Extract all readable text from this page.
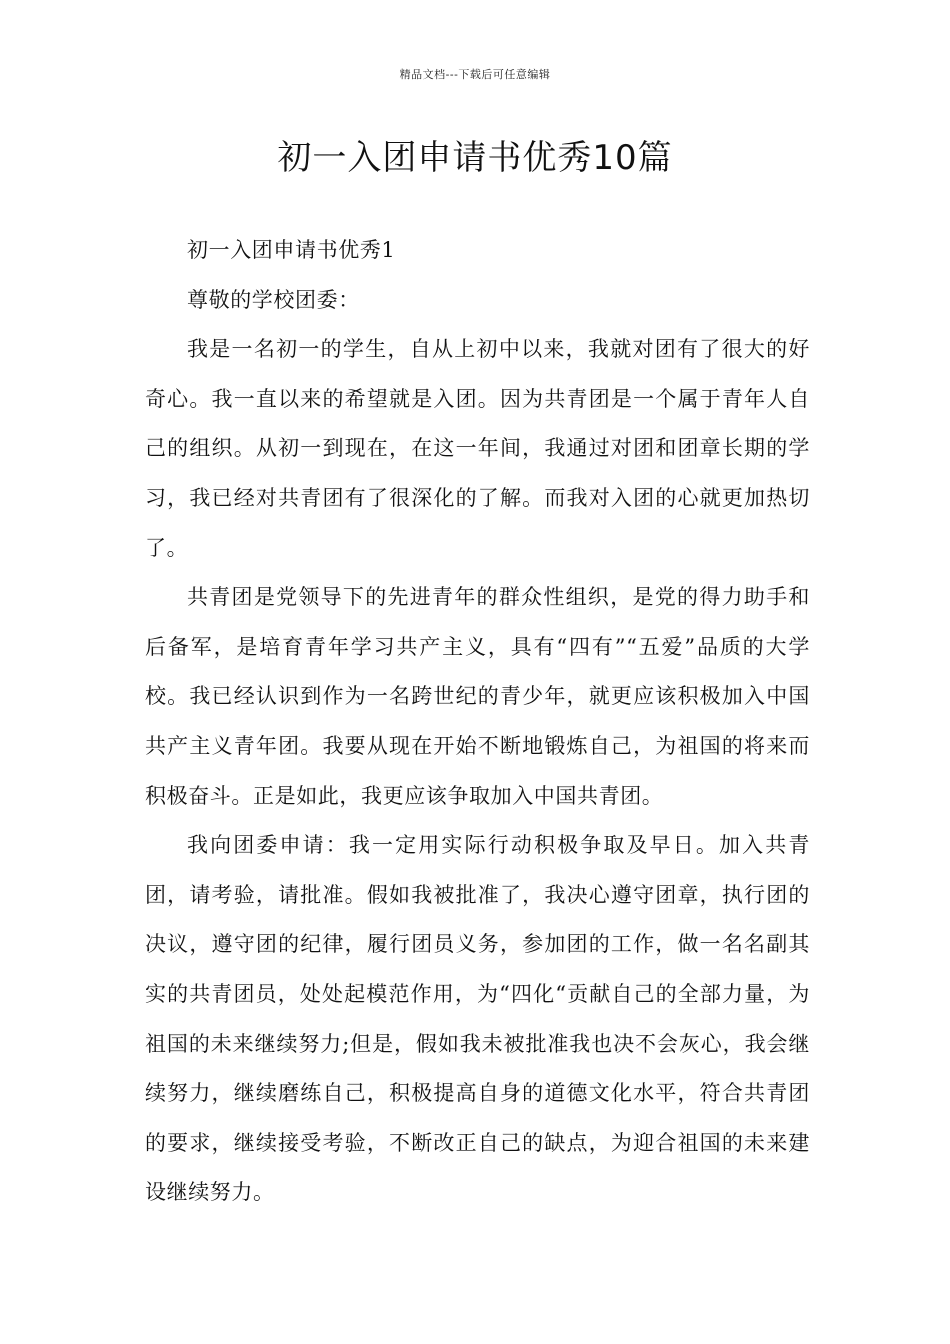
精品文档---下载后可任意编辑
初一入团申请书优秀10篇

初一入团申请书优秀1

尊敬的学校团委：

我是一名初一的学生，自从上初中以来，我就对团有了很大的好奇心。我一直以来的希望就是入团。因为共青团是一个属于青年人自己的组织。从初一到现在，在这一年间，我通过对团和团章长期的学习，我已经对共青团有了很深化的了解。而我对入团的心就更加热切了。

共青团是党领导下的先进青年的群众性组织，是党的得力助手和后备军，是培育青年学习共产主义，具有“四有”“五爱”品质的大学校。我已经认识到作为一名跨世纪的青少年，就更应该积极加入中国共产主义青年团。我要从现在开始不断地锻炼自己，为祖国的将来而积极奋斗。正是如此，我更应该争取加入中国共青团。

我向团委申请：我一定用实际行动积极争取及早日。加入共青团，请考验，请批准。假如我被批准了，我决心遵守团章，执行团的决议，遵守团的纪律，履行团员义务，参加团的工作，做一名名副其实的共青团员，处处起模范作用，为“四化“贡献自己的全部力量，为祖国的未来继续努力;但是，假如我未被批准我也决不会灰心，我会继续努力，继续磨练自己，积极提高自身的道德文化水平，符合共青团的要求，继续接受考验，不断改正自己的缺点，为迎合祖国的未来建设继续努力。
